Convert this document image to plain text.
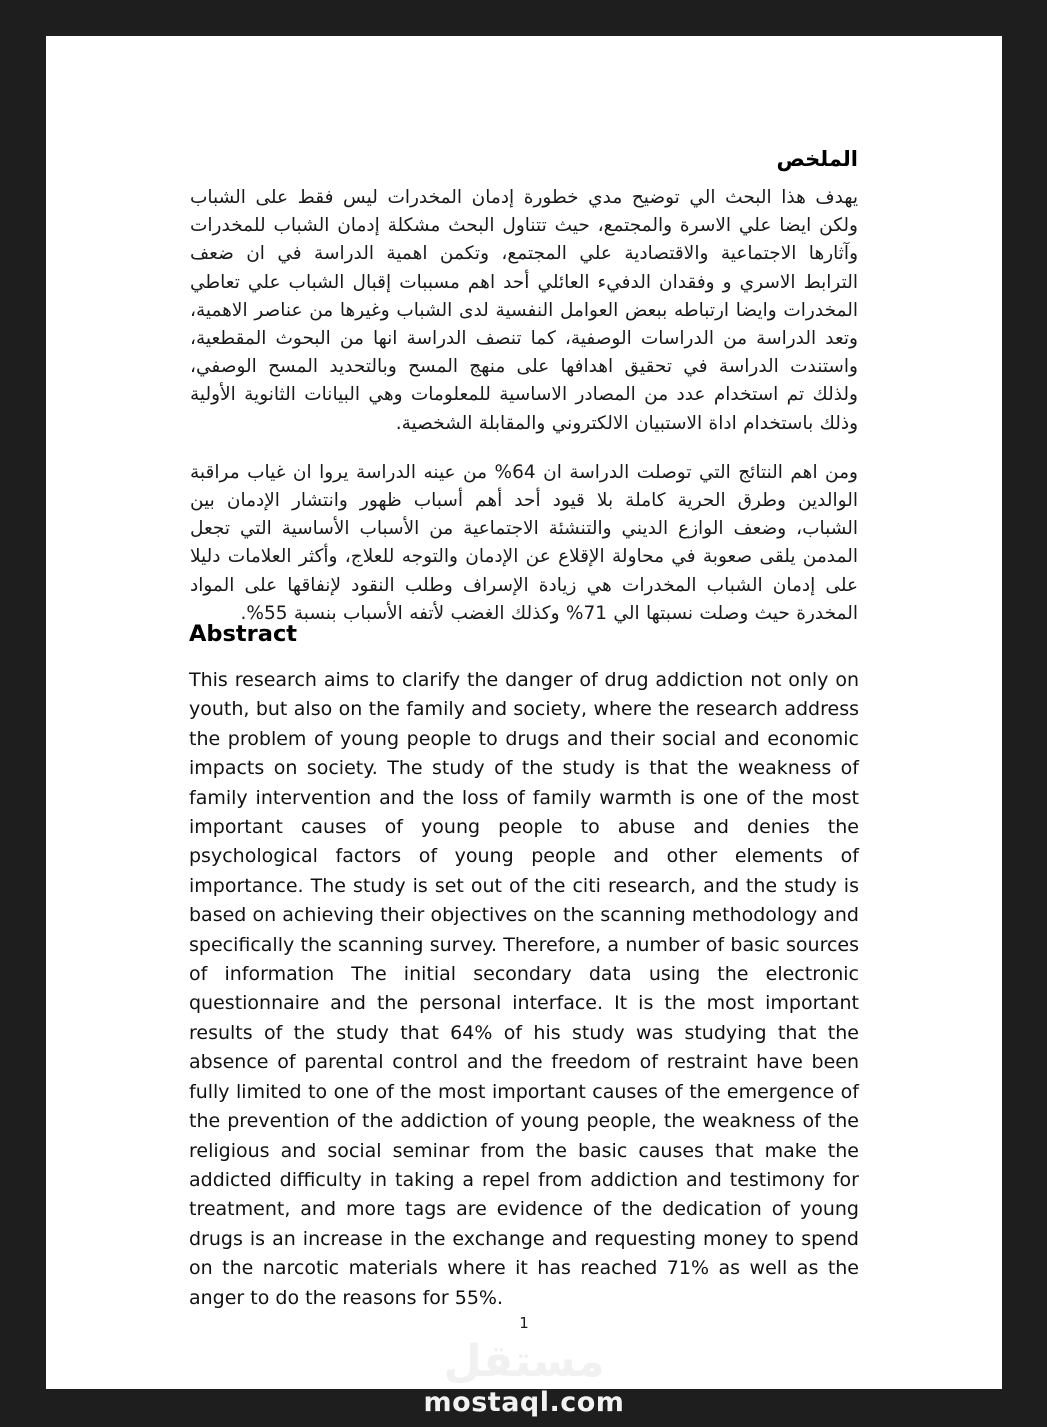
الملخص

يهدف هذا البحث الي توضيح مدي خطورة إدمان المخدرات ليس فقط على الشباب ولكن ايضا علي الاسرة والمجتمع، حيث تتناول البحث مشكلة إدمان الشباب للمخدرات وآثارها الاجتماعية والاقتصادية علي المجتمع، وتكمن اهمية الدراسة في ان ضعف الترابط الاسري و وفقدان الدفيء العائلي أحد اهم مسببات إقبال الشباب علي تعاطي المخدرات وايضا ارتباطه ببعض العوامل النفسية لدى الشباب وغيرها من عناصر الاهمية، وتعد الدراسة من الدراسات الوصفية، كما تنصف الدراسة انها من البحوث المقطعية، واستندت الدراسة في تحقيق اهدافها على منهج المسح وبالتحديد المسح الوصفي، ولذلك تم استخدام عدد من المصادر الاساسية للمعلومات وهي البيانات الثانوية الأولية وذلك باستخدام اداة الاستبيان الالكتروني والمقابلة الشخصية.

ومن اهم النتائج التي توصلت الدراسة ان 64% من عينه الدراسة يروا ان غياب مراقبة الوالدين وطرق الحرية كاملة بلا قيود أحد أهم أسباب ظهور وانتشار الإدمان بين الشباب، وضعف الوازع الديني والتنشئة الاجتماعية من الأسباب الأساسية التي تجعل المدمن يلقى صعوبة في محاولة الإقلاع عن الإدمان والتوجه للعلاج، وأكثر العلامات دليلا على إدمان الشباب المخدرات هي زيادة الإسراف وطلب النقود لإنفاقها على المواد المخدرة حيث وصلت نسبتها الي 71% وكذلك الغضب لأتفه الأسباب بنسبة 55%.

Abstract

This research aims to clarify the danger of drug addiction not only on youth, but also on the family and society, where the research address the problem of young people to drugs and their social and economic impacts on society. The study of the study is that the weakness of family intervention and the loss of family warmth is one of the most important causes of young people to abuse and denies the psychological factors of young people and other elements of importance. The study is set out of the citi research, and the study is based on achieving their objectives on the scanning methodology and specifically the scanning survey. Therefore, a number of basic sources of information The initial secondary data using the electronic questionnaire and the personal interface. It is the most important results of the study that 64% of his study was studying that the absence of parental control and the freedom of restraint have been fully limited to one of the most important causes of the emergence of the prevention of the addiction of young people, the weakness of the religious and social seminar from the basic causes that make the addicted difficulty in taking a repel from addiction and testimony for treatment, and more tags are evidence of the dedication of young drugs is an increase in the exchange and requesting money to spend on the narcotic materials where it has reached 71% as well as the anger to do the reasons for 55%.

1
مستقل
mostaql.com
